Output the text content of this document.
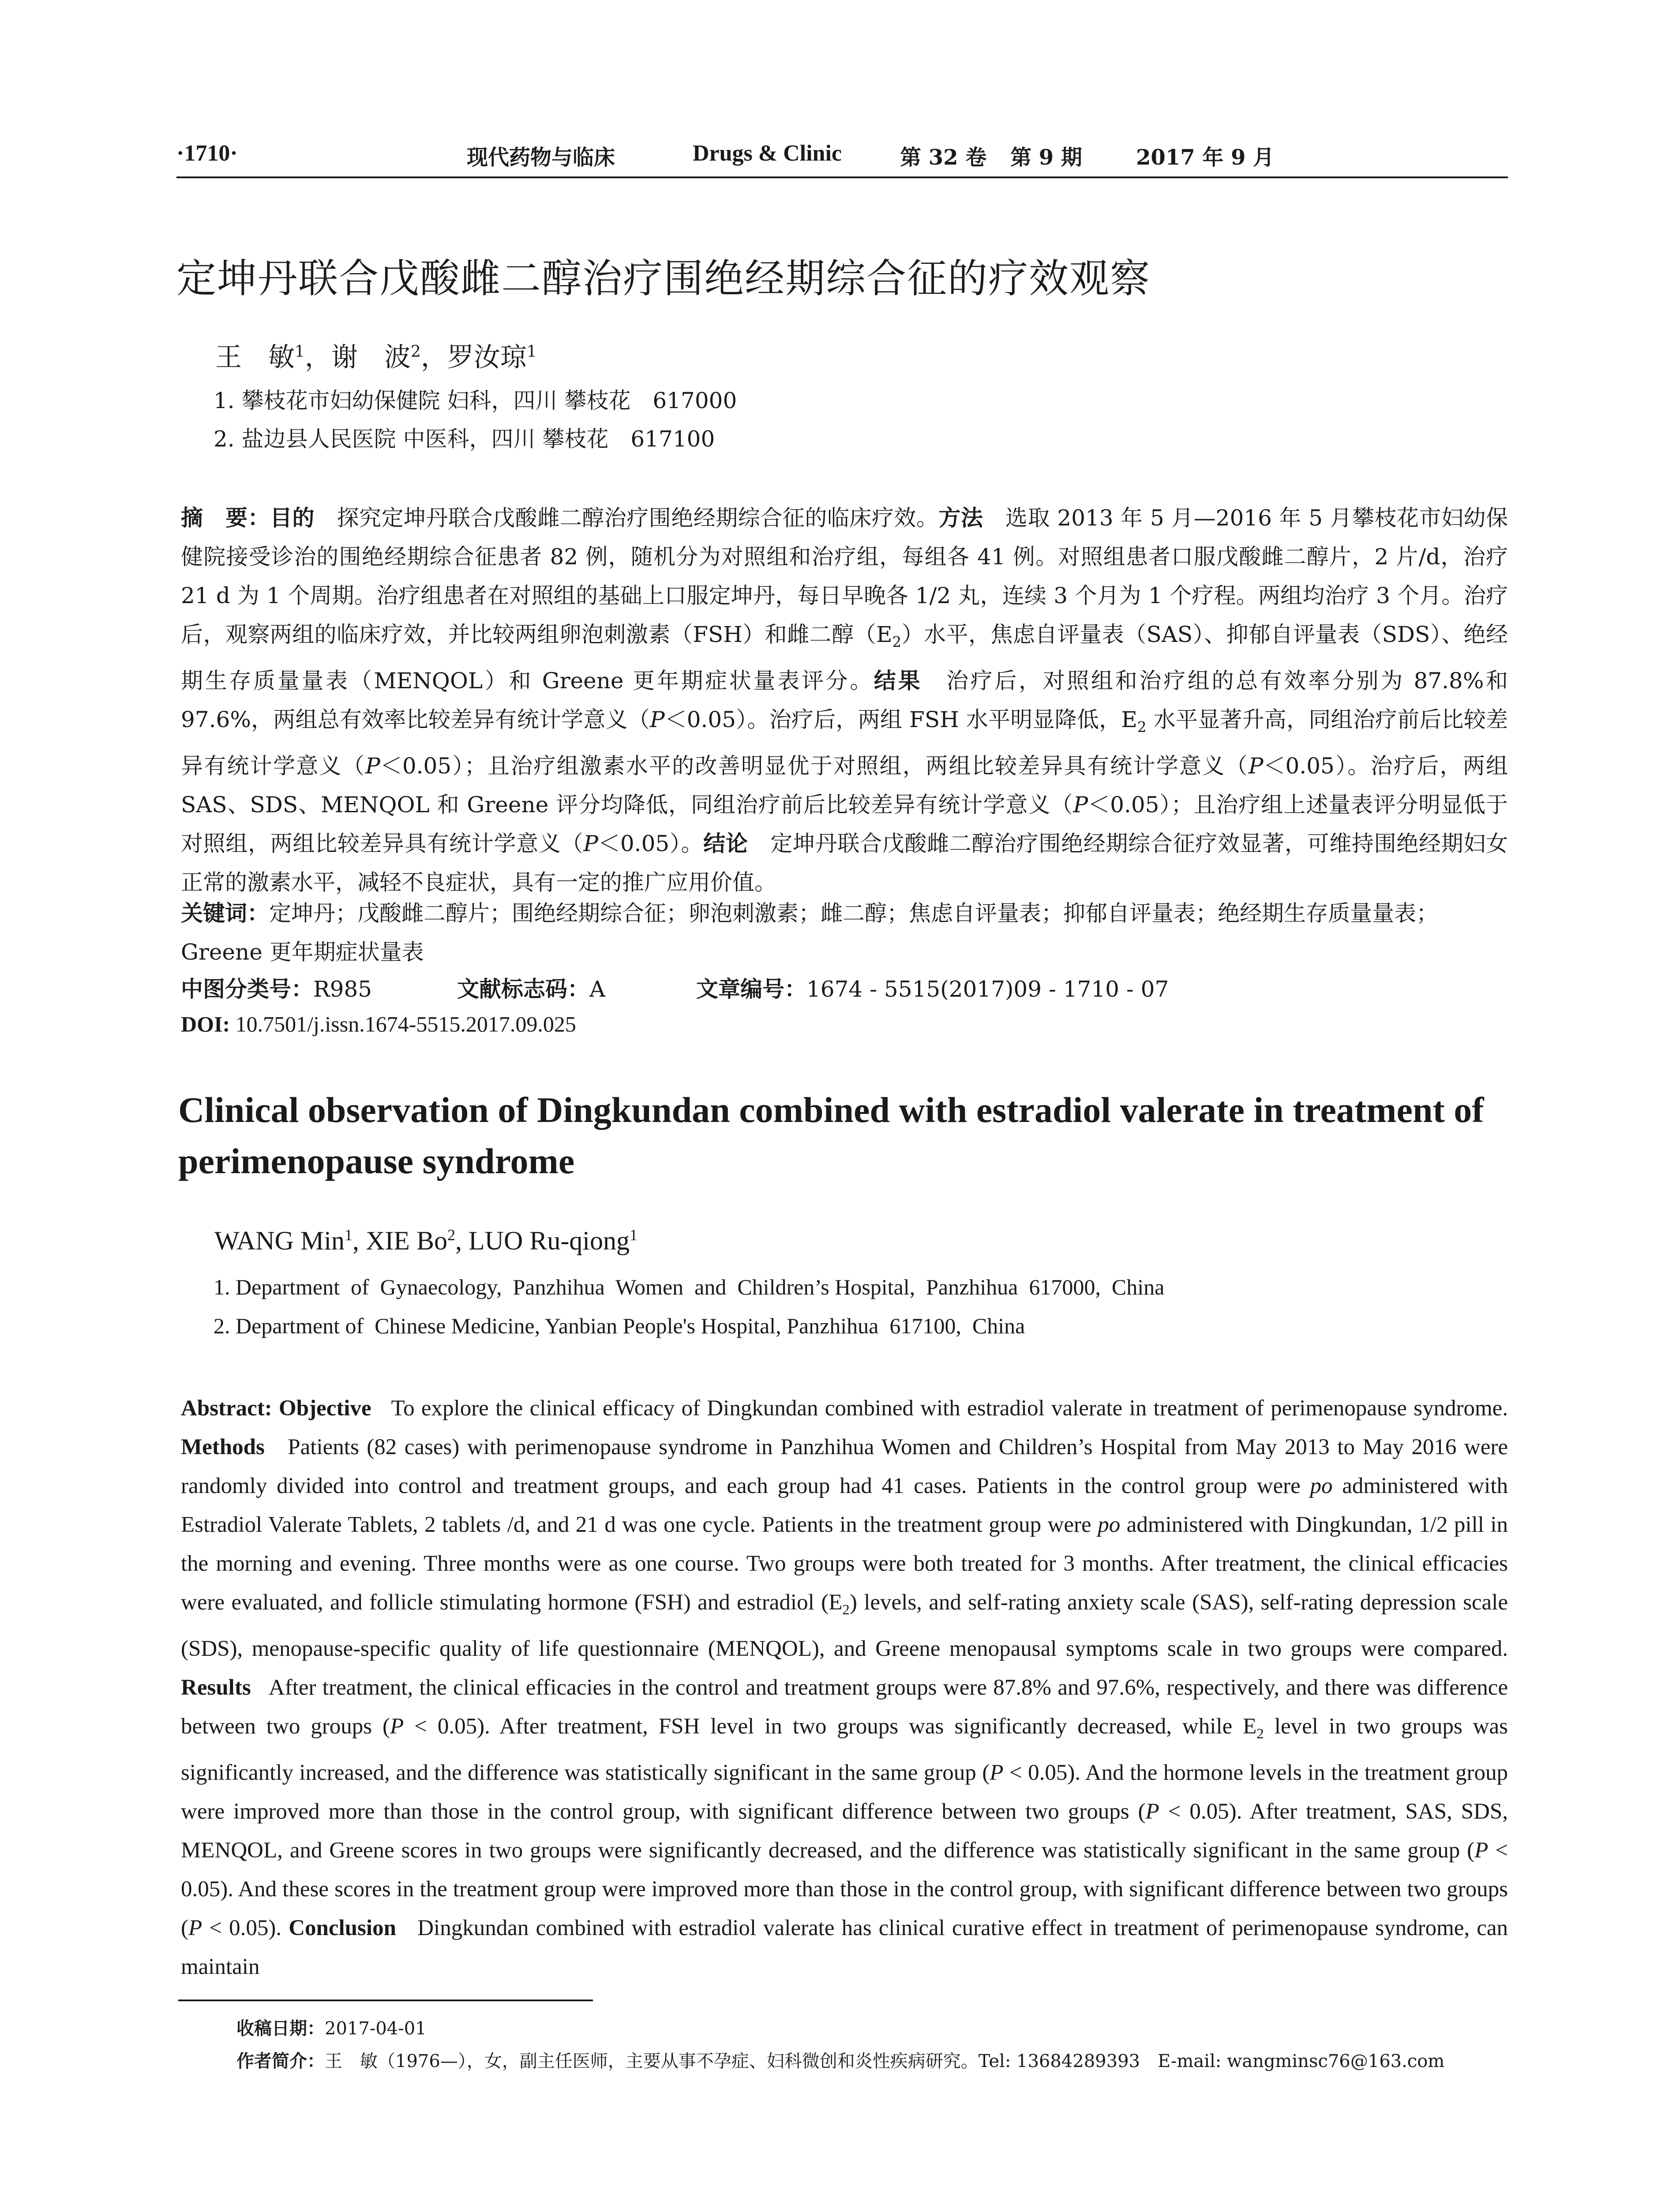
·1710·	现代药物与临床	Drugs & Clinic	第 32 卷 第 9 期	2017 年 9 月
定坤丹联合戊酸雌二醇治疗围绝经期综合征的疗效观察
王　敏$^1$，谢　波$^2$，罗汝琼$^1$
1. 攀枝花市妇幼保健院 妇科，四川 攀枝花　617000
2. 盐边县人民医院 中医科，四川 攀枝花　617100
摘　要：目的　探究定坤丹联合戊酸雌二醇治疗围绝经期综合征的临床疗效。方法　选取 2013 年 5 月—2016 年 5 月攀枝花市妇幼保健院接受诊治的围绝经期综合征患者 82 例，随机分为对照组和治疗组，每组各 41 例。对照组患者口服戊酸雌二醇片，2 片/d，治疗 21 d 为 1 个周期。治疗组患者在对照组的基础上口服定坤丹，每日早晚各 1/2 丸，连续 3 个月为 1 个疗程。两组均治疗 3 个月。治疗后，观察两组的临床疗效，并比较两组卵泡刺激素（FSH）和雌二醇$(E_2)$水平，焦虑自评量表（SAS）、抑郁自评量表（SDS）、绝经期生存质量量表（MENQOL）和 Greene 更年期症状量表评分。结果　治疗后，对照组和治疗组的总有效率分别为 87.8%和 97.6%，两组总有效率比较差异有统计学意义（P＜0.05）。治疗后，两组 FSH 水平明显降低，$E_2$ 水平显著升高，同组治疗前后比较差异有统计学意义（P＜0.05）；且治疗组激素水平的改善明显优于对照组，两组比较差异具有统计学意义（P＜0.05）。治疗后，两组 SAS、SDS、MENQOL 和 Greene 评分均降低，同组治疗前后比较差异有统计学意义（P＜0.05）；且治疗组上述量表评分明显低于对照组，两组比较差异具有统计学意义（P＜0.05）。结论　定坤丹联合戊酸雌二醇治疗围绝经期综合征疗效显著，可维持围绝经期妇女正常的激素水平，减轻不良症状，具有一定的推广应用价值。
关键词：定坤丹；戊酸雌二醇片；围绝经期综合征；卵泡刺激素；雌二醇；焦虑自评量表；抑郁自评量表；绝经期生存质量量表；Greene 更年期症状量表
中图分类号：R985	文献标志码：A	文章编号：1674 - 5515(2017)09 - 1710 - 07
DOI: 10.7501/j.issn.1674-5515.2017.09.025
Clinical observation of Dingkundan combined with estradiol valerate in treatment of perimenopause syndrome
WANG Min$^1$, XIE Bo$^2$, LUO Ru-qiong$^1$
1. Department  of  Gynaecology,  Panzhihua  Women  and  Children’s Hospital,  Panzhihua  617000,  China
2. Department of  Chinese Medicine, Yanbian People's Hospital, Panzhihua  617100,  China
Abstract: Objective   To explore the clinical efficacy of Dingkundan combined with estradiol valerate in treatment of perimenopause syndrome. Methods   Patients (82 cases) with perimenopause syndrome in Panzhihua Women and Children’s Hospital from May 2013 to May 2016 were randomly divided into control and treatment groups, and each group had 41 cases. Patients in the control group were po administered with Estradiol Valerate Tablets, 2 tablets /d, and 21 d was one cycle. Patients in the treatment group were po administered with Dingkundan, 1/2 pill in the morning and evening. Three months were as one course. Two groups were both treated for 3 months. After treatment, the clinical efficacies were evaluated, and follicle stimulating hormone (FSH) and estradiol $(E_2)$ levels, and self-rating anxiety scale (SAS), self-rating depression scale (SDS), menopause-specific quality of life questionnaire (MENQOL), and Greene menopausal symptoms scale in two groups were compared. Results   After treatment, the clinical efficacies in the control and treatment groups were 87.8% and 97.6%, respectively, and there was difference between two groups (P < 0.05). After treatment, FSH level in two groups was significantly decreased, while $E_2$ level in two groups was significantly increased, and the difference was statistically significant in the same group (P < 0.05). And the hormone levels in the treatment group were improved more than those in the control group, with significant difference between two groups (P < 0.05). After treatment, SAS, SDS, MENQOL, and Greene scores in two groups were significantly decreased, and the difference was statistically significant in the same group (P < 0.05). And these scores in the treatment group were improved more than those in the control group, with significant difference between two groups (P < 0.05). Conclusion   Dingkundan combined with estradiol valerate has clinical curative effect in treatment of perimenopause syndrome, can maintain
收稿日期：2017-04-01
作者简介：王　敏（1976—），女，副主任医师，主要从事不孕症、妇科微创和炎性疾病研究。Tel: 13684289393　E-mail: wangminsc76@163.com
